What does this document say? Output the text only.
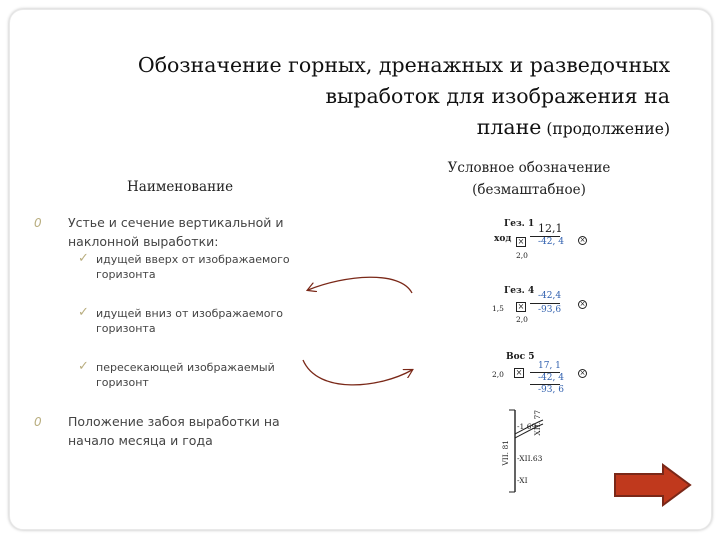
Обозначение горных, дренажных и разведочных
выработок для изображения на
плане (продолжение)
Наименование
Условное обозначение
(безмаштабное)
0 Устье и сечение вертикальной и
наклонной выработки:
✓ идущей вверх от изображаемого
горизонта
✓ идущей вниз от изображаемого
горизонта
✓ пересекающей изображаемый
горизонт
0 Положение забоя выработки на
начало месяца и года
Гез. 1
ход ×
12,1
-42, 4
2,0
×
Гез. 4
1,5 ×
-42,4
-93,6
2,0
×
Вос 5
2,0 ×
17, 1
-42, 4
-93, 6
×
-1.69
XII. 77
VII. 81 -XII.63
-XI
